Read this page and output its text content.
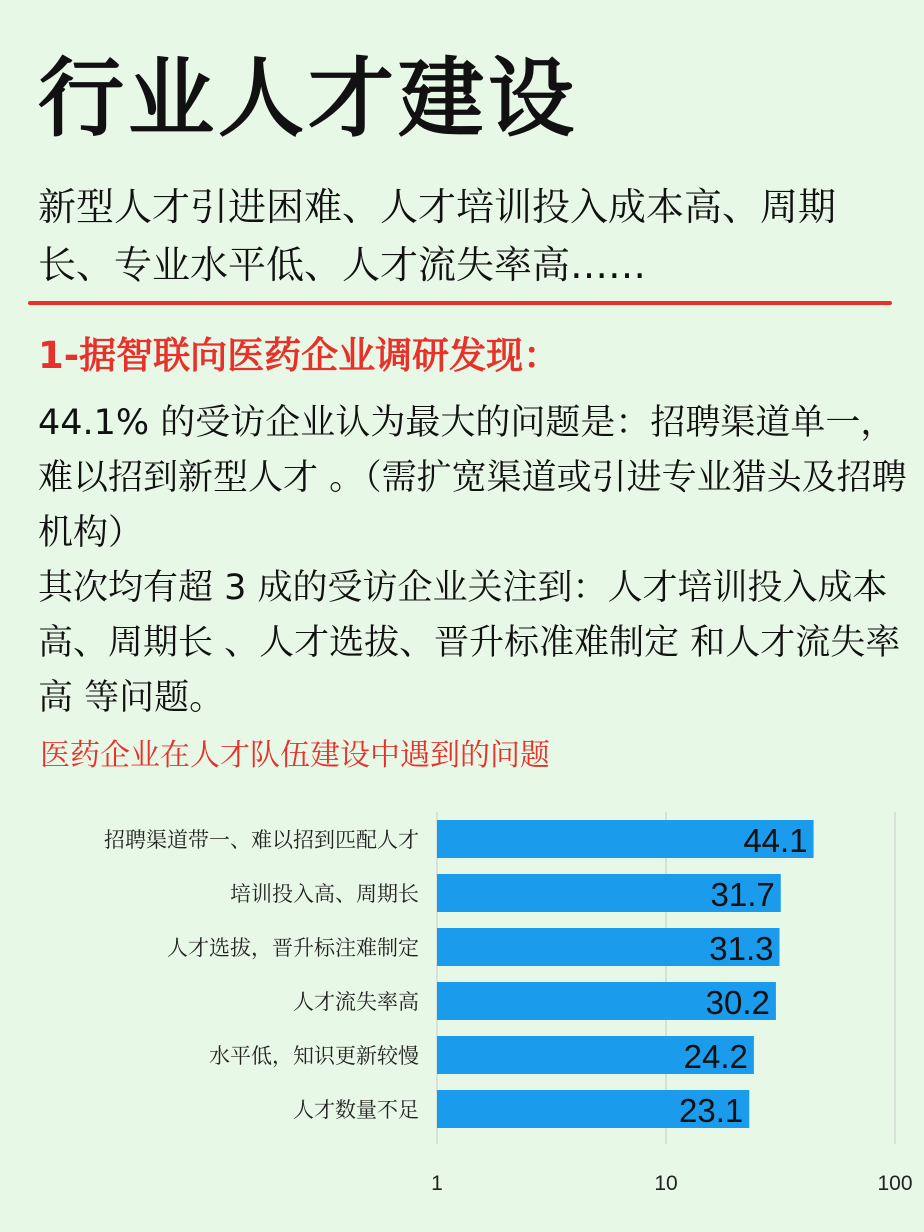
行业人才建设

新型人才引进困难、人才培训投入成本高、周期长、专业水平低、人才流失率高……

1-据智联向医药企业调研发现：

44.1% 的受访企业认为最大的问题是：招聘渠道单一，难以招到新型人才 。（需扩宽渠道或引进专业猎头及招聘机构）

其次均有超 3 成的受访企业关注到：人才培训投入成本高、周期长 、人才选拔、晋升标准难制定 和人才流失率高 等问题。

医药企业在人才队伍建设中遇到的问题
招聘渠道带一、难以招到匹配人才	44.1
培训投入高、周期长	31.7
人才选拔，晋升标注难制定	31.3
人才流失率高	30.2
水平低，知识更新较慢	24.2
人才数量不足	23.1
1	10	100
